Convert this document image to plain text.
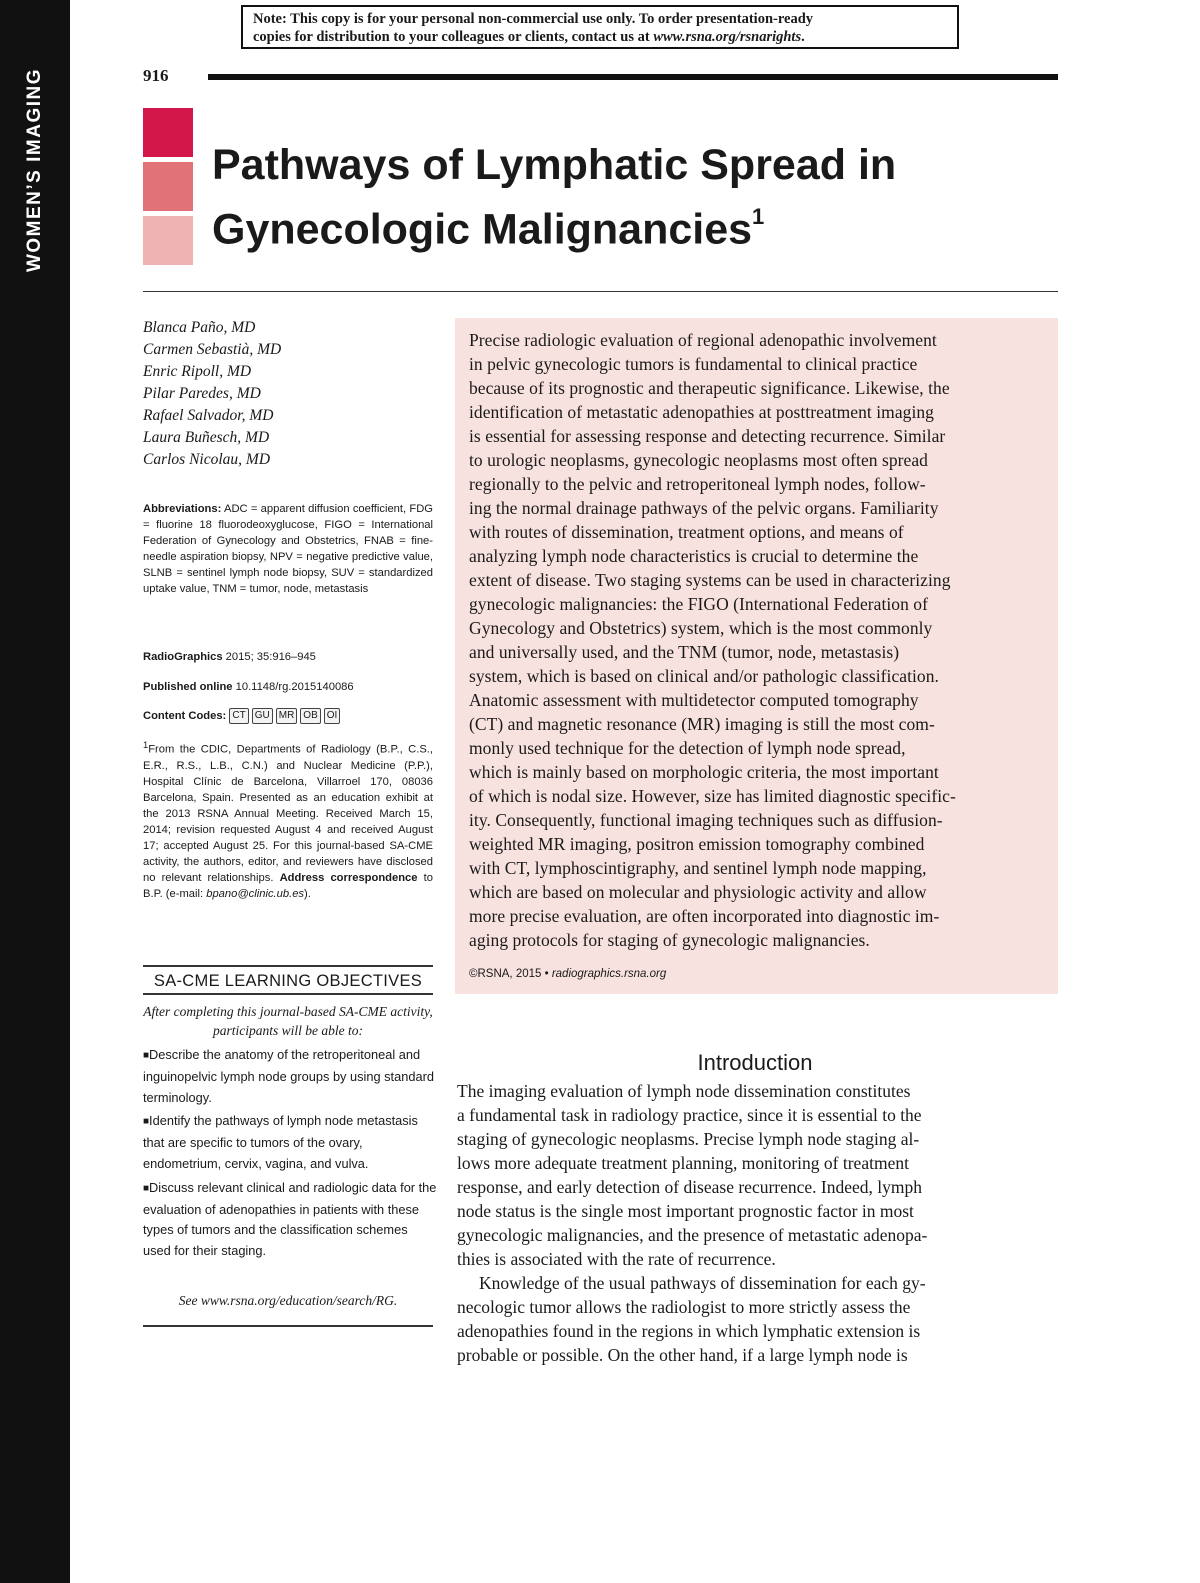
WOMEN’S IMAGING
Note: This copy is for your personal non-commercial use only. To order presentation-ready
copies for distribution to your colleagues or clients, contact us at www.rsna.org/rsnarights.
916
Pathways of Lymphatic Spread in
Gynecologic Malignancies$^1$
Blanca Paño, MD
Carmen Sebastià, MD
Enric Ripoll, MD
Pilar Paredes, MD
Rafael Salvador, MD
Laura Buñesch, MD
Carlos Nicolau, MD
Abbreviations: ADC = apparent diffusion coefficient, FDG = fluorine 18 fluorodeoxyglucose, FIGO = International Federation of Gynecology and Obstetrics, FNAB = fine-needle aspiration biopsy, NPV = negative predictive value, SLNB = sentinel lymph node biopsy, SUV = standardized uptake value, TNM = tumor, node, metastasis
RadioGraphics 2015; 35:916–945
Published online 10.1148/rg.2015140086
Content Codes: CT GU MR OB OI
$^1$From the CDIC, Departments of Radiology (B.P., C.S., E.R., R.S., L.B., C.N.) and Nuclear Medicine (P.P.), Hospital Clínic de Barcelona, Villarroel 170, 08036 Barcelona, Spain. Presented as an education exhibit at the 2013 RSNA Annual Meeting. Received March 15, 2014; revision requested August 4 and received August 17; accepted August 25. For this journal-based SA-CME activity, the authors, editor, and reviewers have disclosed no relevant relationships. Address correspondence to B.P. (e-mail: bpano@clinic.ub.es).
SA-CME LEARNING OBJECTIVES
After completing this journal-based SA-CME activity, participants will be able to:
■Describe the anatomy of the retroperitoneal and inguinopelvic lymph node groups by using standard terminology.
■Identify the pathways of lymph node metastasis that are specific to tumors of the ovary, endometrium, cervix, vagina, and vulva.
■Discuss relevant clinical and radiologic data for the evaluation of adenopathies in patients with these types of tumors and the classification schemes used for their staging.
See www.rsna.org/education/search/RG.
Precise radiologic evaluation of regional adenopathic involvement
in pelvic gynecologic tumors is fundamental to clinical practice
because of its prognostic and therapeutic significance. Likewise, the
identification of metastatic adenopathies at posttreatment imaging
is essential for assessing response and detecting recurrence. Similar
to urologic neoplasms, gynecologic neoplasms most often spread
regionally to the pelvic and retroperitoneal lymph nodes, follow-
ing the normal drainage pathways of the pelvic organs. Familiarity
with routes of dissemination, treatment options, and means of
analyzing lymph node characteristics is crucial to determine the
extent of disease. Two staging systems can be used in characterizing
gynecologic malignancies: the FIGO (International Federation of
Gynecology and Obstetrics) system, which is the most commonly
and universally used, and the TNM (tumor, node, metastasis)
system, which is based on clinical and/or pathologic classification.
Anatomic assessment with multidetector computed tomography
(CT) and magnetic resonance (MR) imaging is still the most com-
monly used technique for the detection of lymph node spread,
which is mainly based on morphologic criteria, the most important
of which is nodal size. However, size has limited diagnostic specific-
ity. Consequently, functional imaging techniques such as diffusion-
weighted MR imaging, positron emission tomography combined
with CT, lymphoscintigraphy, and sentinel lymph node mapping,
which are based on molecular and physiologic activity and allow
more precise evaluation, are often incorporated into diagnostic im-
aging protocols for staging of gynecologic malignancies.
©RSNA, 2015 • radiographics.rsna.org
Introduction
The imaging evaluation of lymph node dissemination constitutes
a fundamental task in radiology practice, since it is essential to the
staging of gynecologic neoplasms. Precise lymph node staging al-
lows more adequate treatment planning, monitoring of treatment
response, and early detection of disease recurrence. Indeed, lymph
node status is the single most important prognostic factor in most
gynecologic malignancies, and the presence of metastatic adenopa-
thies is associated with the rate of recurrence.
Knowledge of the usual pathways of dissemination for each gy-
necologic tumor allows the radiologist to more strictly assess the
adenopathies found in the regions in which lymphatic extension is
probable or possible. On the other hand, if a large lymph node is
